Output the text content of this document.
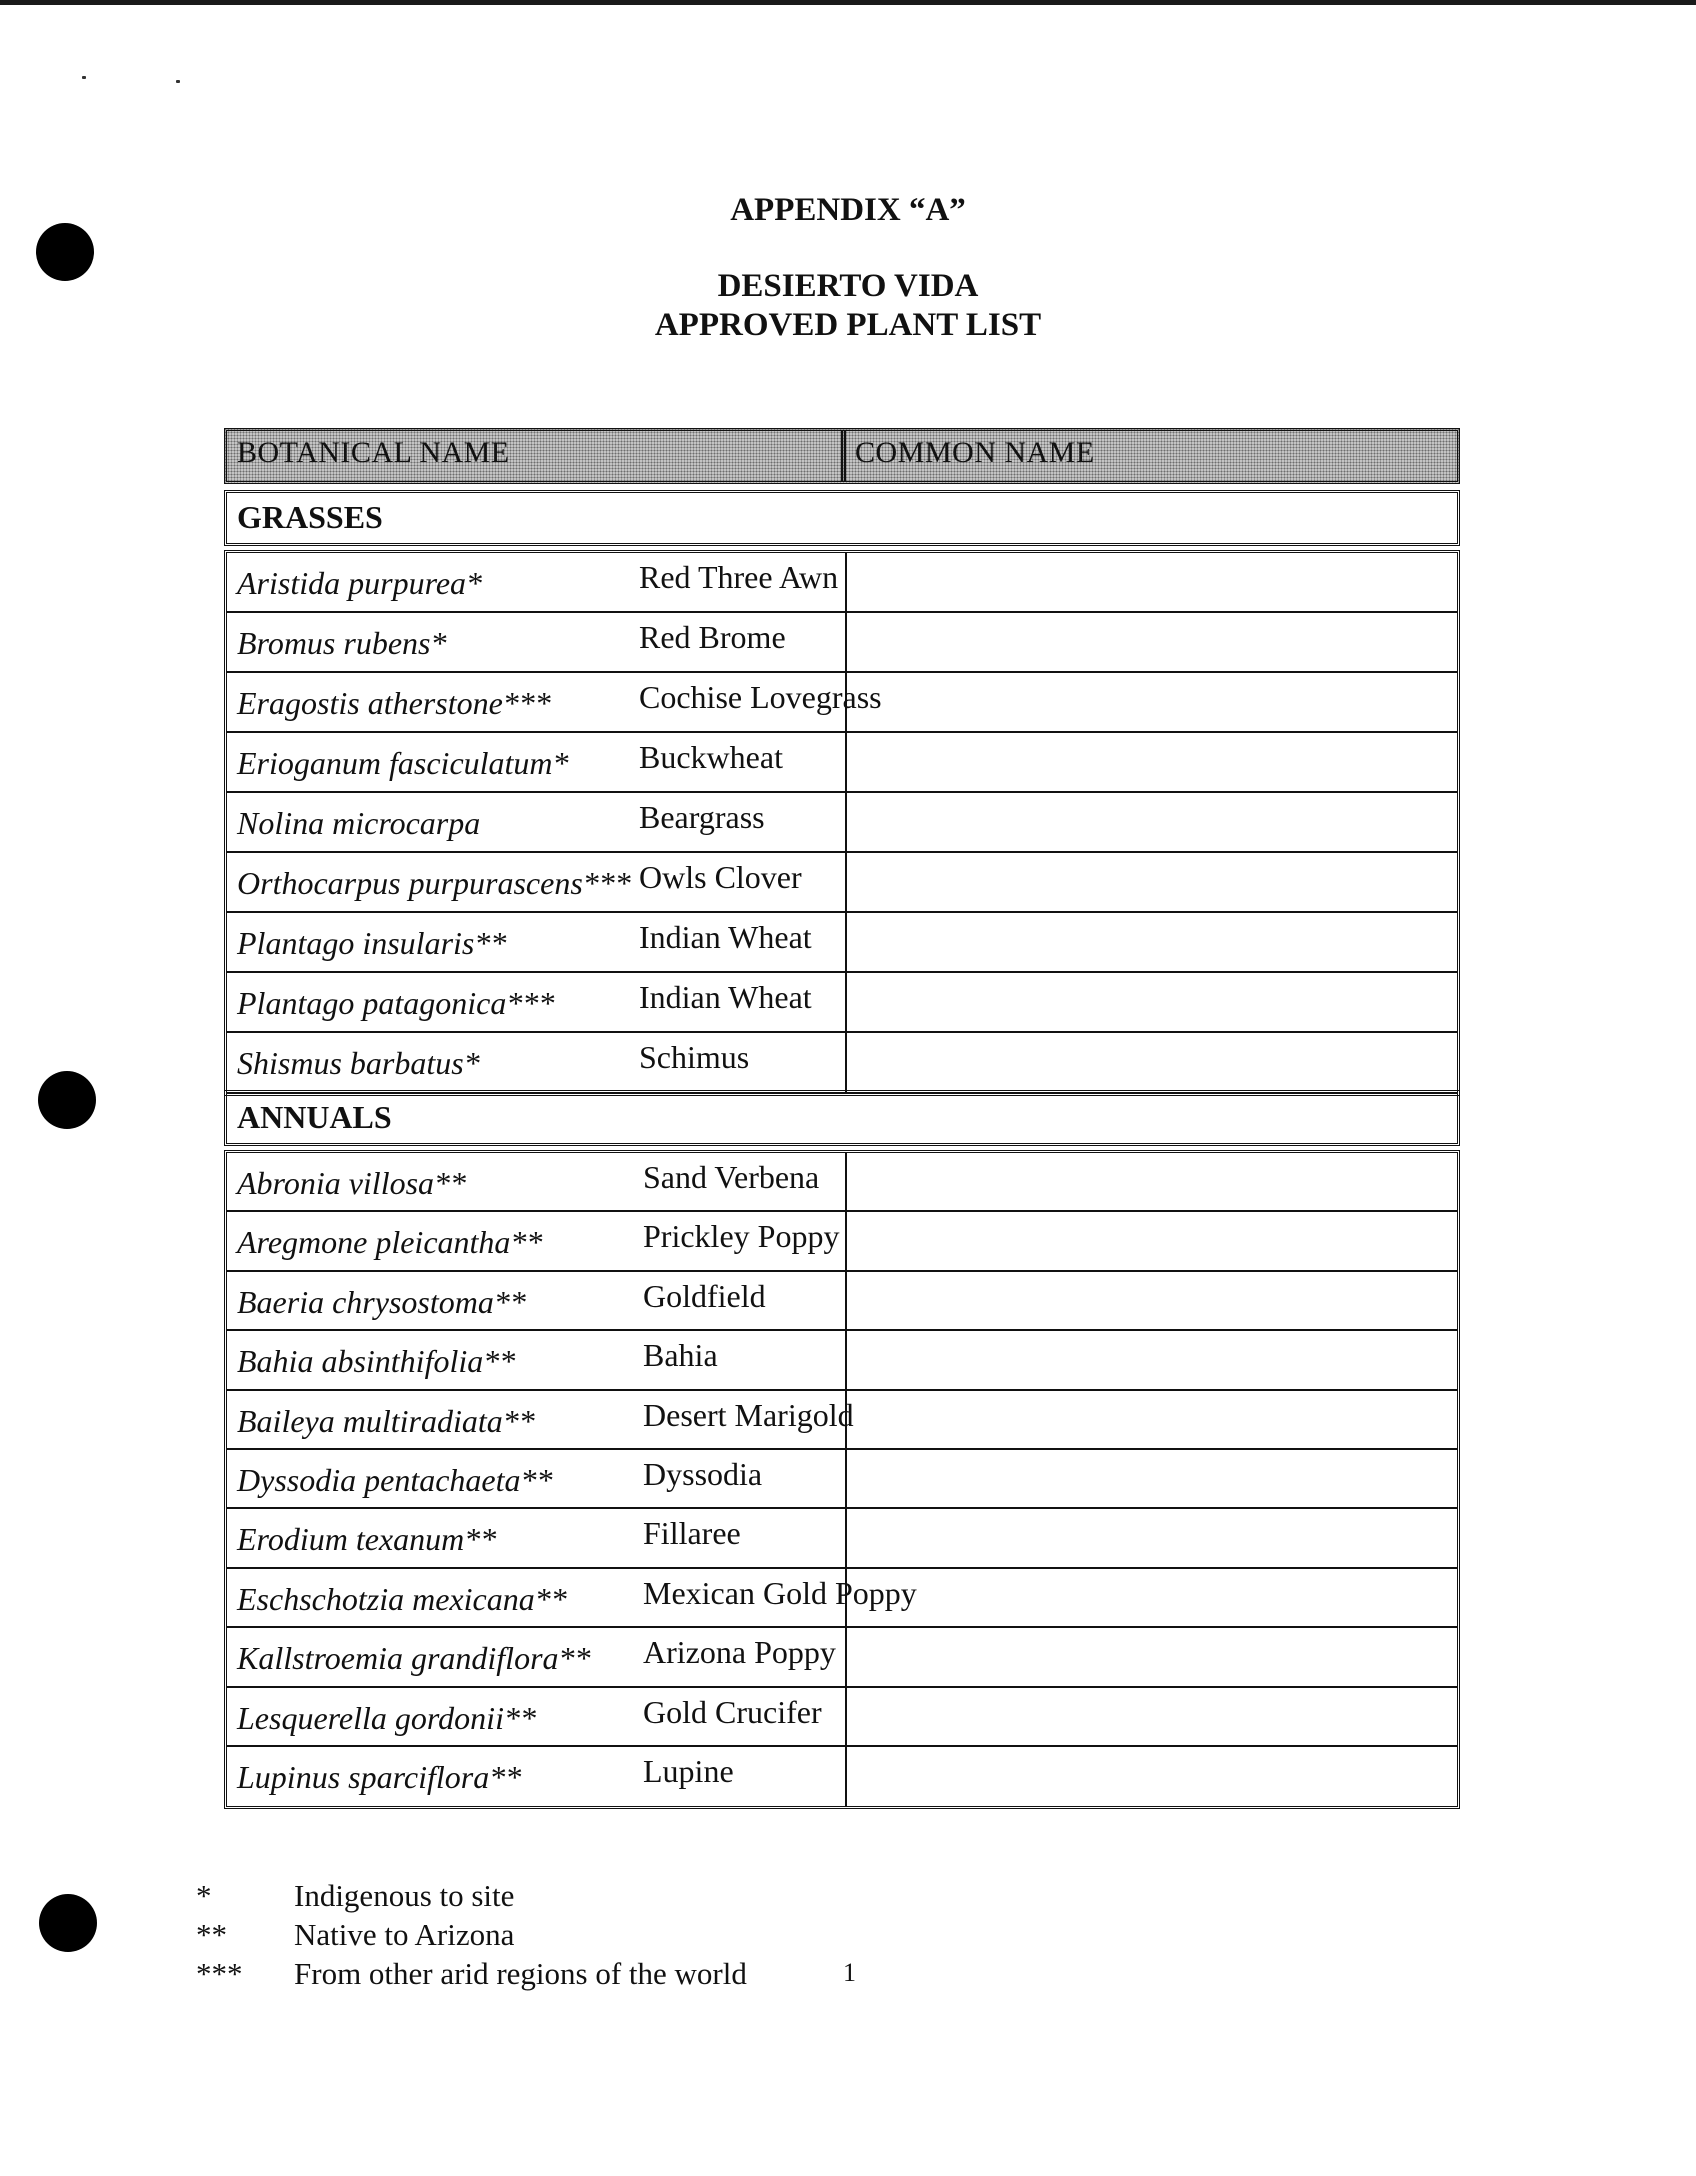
APPENDIX “A”
DESIERTO VIDA
APPROVED PLANT LIST
BOTANICAL NAME	COMMON NAME
GRASSES
Aristida purpurea*	Red Three Awn
Bromus rubens*	Red Brome
Eragostis atherstone***	Cochise Lovegrass
Erioganum fasciculatum* Buckwheat
Nolina microcarpa	Beargrass
Orthocarpus purpurascens*** Owls Clover
Plantago insularis**	Indian Wheat
Plantago patagonica***	Indian Wheat
Shismus barbatus*	Schimus
ANNUALS
Abronia villosa**	Sand Verbena
Aregmone pleicantha**	Prickley Poppy
Baeria chrysostoma**	Goldfield
Bahia absinthifolia**	Bahia
Baileya multiradiata**	Desert Marigold
Dyssodia pentachaeta**	Dyssodia
Erodium texanum**	Fillaree
Eschschotzia mexicana** Mexican Gold Poppy
Kallstroemia grandiflora** Arizona Poppy
Lesquerella gordonii**	Gold Crucifer
Lupinus sparciflora**	Lupine
*	Indigenous to site
**	Native to Arizona
***	From other arid regions of the world	1
